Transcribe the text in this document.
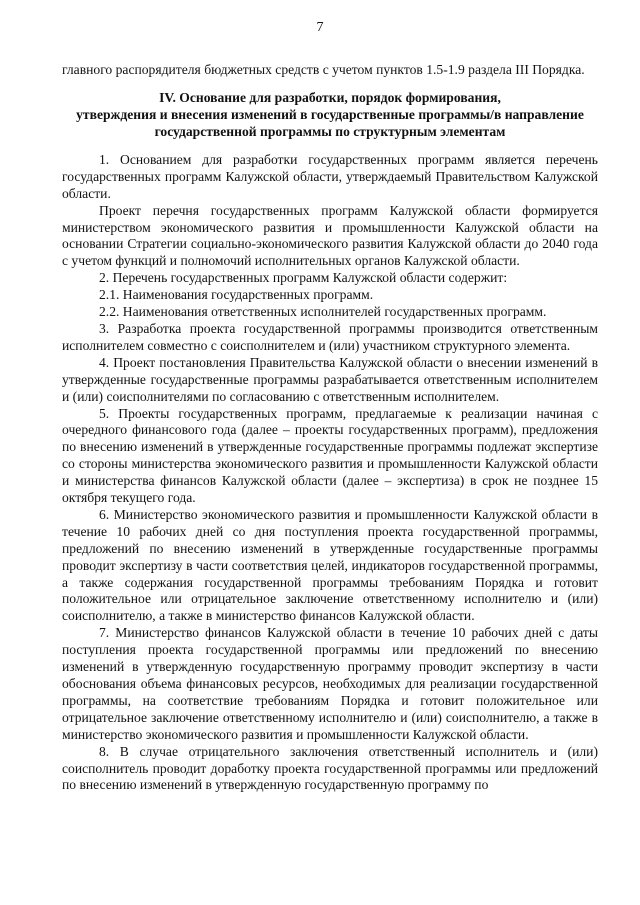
7

главного распорядителя бюджетных средств с учетом пунктов 1.5-1.9 раздела III Порядка.

IV. Основание для разработки, порядок формирования,
утверждения и внесения изменений в государственные программы/в направление
государственной программы по структурным элементам

1. Основанием для разработки государственных программ является перечень государственных программ Калужской области, утверждаемый Правительством Калужской области.

Проект перечня государственных программ Калужской области формируется министерством экономического развития и промышленности Калужской области на основании Стратегии социально-экономического развития Калужской области до 2040 года с учетом функций и полномочий исполнительных органов Калужской области.

2. Перечень государственных программ Калужской области содержит:

2.1. Наименования государственных программ.

2.2. Наименования ответственных исполнителей государственных программ.

3. Разработка проекта государственной программы производится ответственным исполнителем совместно с соисполнителем и (или) участником структурного элемента.

4. Проект постановления Правительства Калужской области о внесении изменений в утвержденные государственные программы разрабатывается ответственным исполнителем и (или) соисполнителями по согласованию с ответственным исполнителем.

5. Проекты государственных программ, предлагаемые к реализации начиная с очередного финансового года (далее – проекты государственных программ), предложения по внесению изменений в утвержденные государственные программы подлежат экспертизе со стороны министерства экономического развития и промышленности Калужской области и министерства финансов Калужской области (далее – экспертиза) в срок не позднее 15 октября текущего года.

6. Министерство экономического развития и промышленности Калужской области в течение 10 рабочих дней со дня поступления проекта государственной программы, предложений по внесению изменений в утвержденные государственные программы проводит экспертизу в части соответствия целей, индикаторов государственной программы, а также содержания государственной программы требованиям Порядка и готовит положительное или отрицательное заключение ответственному исполнителю и (или) соисполнителю, а также в министерство финансов Калужской области.

7. Министерство финансов Калужской области в течение 10 рабочих дней с даты поступления проекта государственной программы или предложений по внесению изменений в утвержденную государственную программу проводит экспертизу в части обоснования объема финансовых ресурсов, необходимых для реализации государственной программы, на соответствие требованиям Порядка и готовит положительное или отрицательное заключение ответственному исполнителю и (или) соисполнителю, а также в министерство экономического развития и промышленности Калужской области.

8. В случае отрицательного заключения ответственный исполнитель и (или) соисполнитель проводит доработку проекта государственной программы или предложений по внесению изменений в утвержденную государственную программу по
